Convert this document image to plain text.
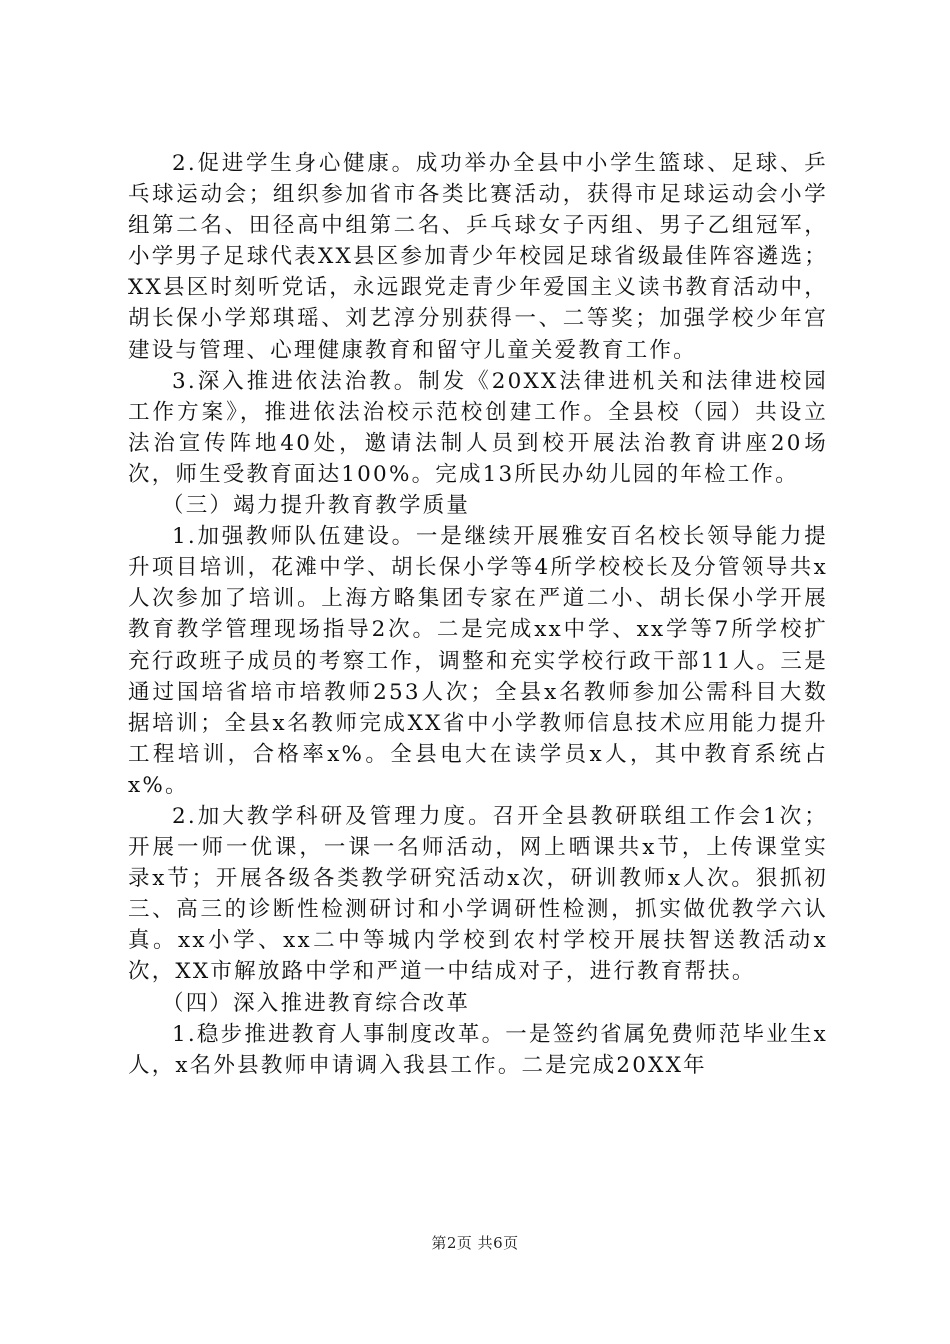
2.促进学生身心健康。成功举办全县中小学生篮球、足球、乒乓球运动会；组织参加省市各类比赛活动，获得市足球运动会小学组第二名、田径高中组第二名、乒乓球女子丙组、男子乙组冠军，小学男子足球代表XX县区参加青少年校园足球省级最佳阵容遴选；XX县区时刻听党话，永远跟党走青少年爱国主义读书教育活动中，胡长保小学郑琪瑶、刘艺淳分别获得一、二等奖；加强学校少年宫建设与管理、心理健康教育和留守儿童关爱教育工作。

3.深入推进依法治教。制发《20XX法律进机关和法律进校园工作方案》，推进依法治校示范校创建工作。全县校（园）共设立法治宣传阵地40处，邀请法制人员到校开展法治教育讲座20场次，师生受教育面达100%。完成13所民办幼儿园的年检工作。

（三）竭力提升教育教学质量

1.加强教师队伍建设。一是继续开展雅安百名校长领导能力提升项目培训，花滩中学、胡长保小学等4所学校校长及分管领导共x人次参加了培训。上海方略集团专家在严道二小、胡长保小学开展教育教学管理现场指导2次。二是完成xx中学、xx学等7所学校扩充行政班子成员的考察工作，调整和充实学校行政干部11人。三是通过国培省培市培教师253人次；全县x名教师参加公需科目大数据培训；全县x名教师完成XX省中小学教师信息技术应用能力提升工程培训，合格率x%。全县电大在读学员x人，其中教育系统占x%。

2.加大教学科研及管理力度。召开全县教研联组工作会1次；开展一师一优课，一课一名师活动，网上晒课共x节，上传课堂实录x节；开展各级各类教学研究活动x次，研训教师x人次。狠抓初三、高三的诊断性检测研讨和小学调研性检测，抓实做优教学六认真。xx小学、xx二中等城内学校到农村学校开展扶智送教活动x次，XX市解放路中学和严道一中结成对子，进行教育帮扶。

（四）深入推进教育综合改革

1.稳步推进教育人事制度改革。一是签约省属免费师范毕业生x人，x名外县教师申请调入我县工作。二是完成20XX年

第2页 共6页
